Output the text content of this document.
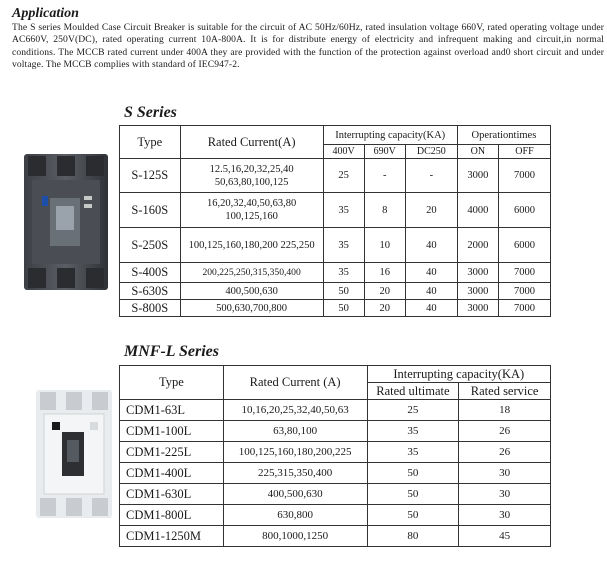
Application
The S series Moulded Case Circuit Breaker is suitable for the circuit of AC 50Hz/60Hz, rated insulation voltage 660V, rated operating voltage under AC660V, 250V(DC), rated operating current 10A-800A. It is for distribute energy of electricity and infrequent making and circuit,in normal conditions. The MCCB rated current under 400A they are provided with the function of the protection against overload and0 short circuit and under voltage. The MCCB complies with standard of IEC947-2.
S Series
Type	Rated Current(A)	Interrupting capacity(KA)			Operationtimes	
		400V	690V	DC250	ON	OFF
S-125S	12.5,16,20,32,25,40 50,63,80,100,125	25	-	-	3000	7000
S-160S	16,20,32,40,50,63,80 100,125,160	35	8	20	4000	6000
S-250S	100,125,160,180,200 225,250	35	10	40	2000	6000
S-400S	200,225,250,315,350,400	35	16	40	3000	7000
S-630S	400,500,630	50	20	40	3000	7000
S-800S	500,630,700,800	50	20	40	3000	7000
MNF-L Series
Type	Rated Current (A)	Interrupting capacity(KA)	
		Rated ultimate	Rated service
CDM1-63L	10,16,20,25,32,40,50,63	25	18
CDM1-100L	63,80,100	35	26
CDM1-225L	100,125,160,180,200,225	35	26
CDM1-400L	225,315,350,400	50	30
CDM1-630L	400,500,630	50	30
CDM1-800L	630,800	50	30
CDM1-1250M	800,1000,1250	80	45
